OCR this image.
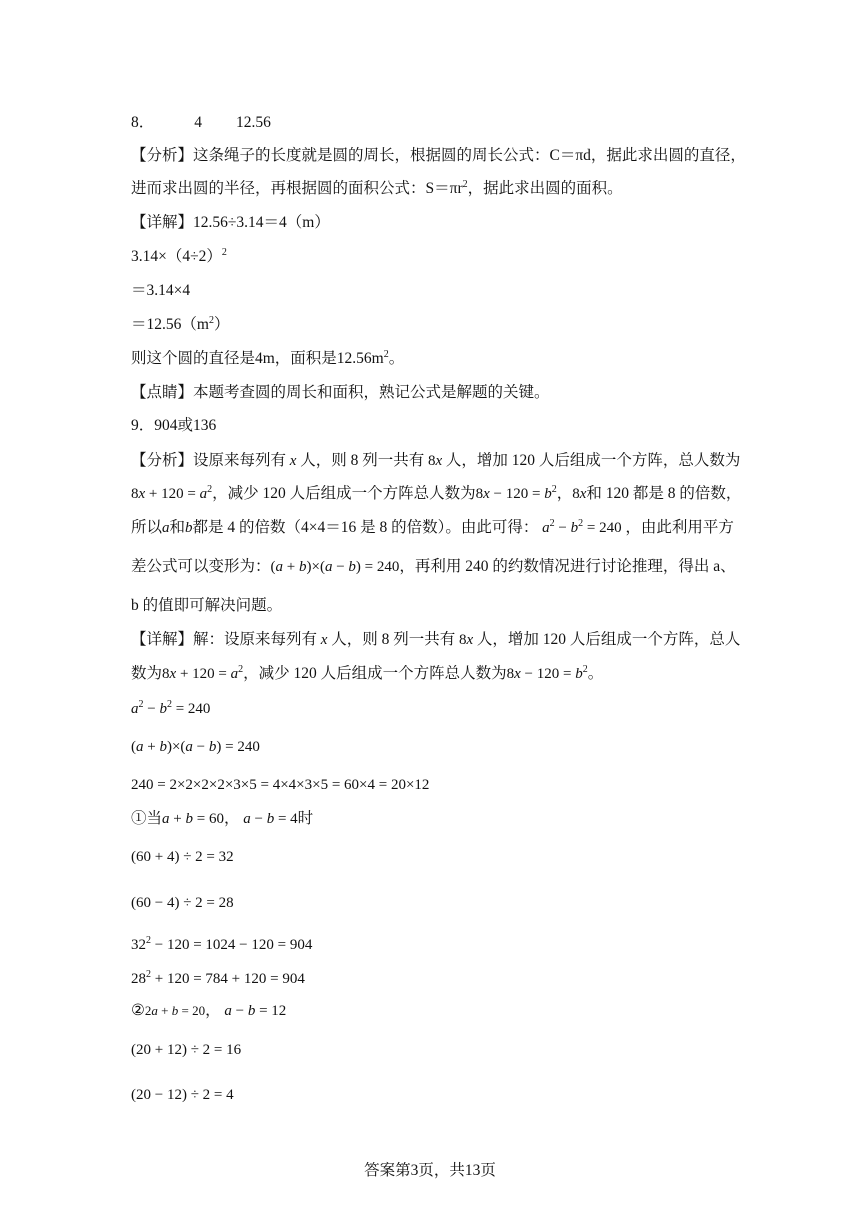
8．	4 12.56
【分析】这条绳子的长度就是圆的周长，根据圆的周长公式：C＝πd，据此求出圆的直径，
进而求出圆的半径，再根据圆的面积公式：$S=\pi r^2$，据此求出圆的面积。
【详解】12.56÷3.14＝4（m）
$3.14\times(4\div 2)^2$
＝3.14×4
$=12.56(m^2)$
则这个圆的直径是4m，面积是$12.56m^2$。
【点睛】本题考查圆的周长和面积，熟记公式是解题的关键。
9．904或136
【分析】设原来每列有 x 人，则 8 列一共有 8x 人，增加 120 人后组成一个方阵，总人数为
$8x + 120 = a^2$，减少 120 人后组成一个方阵总人数为$8x - 120 = b^2$，8x和 120 都是 8 的倍数，
所以a和b都是 4 的倍数（4×4＝16 是 8 的倍数）。由此可得： $a^2 - b^2 = 240$ ，由此利用平方
差公式可以变形为：(a + b)×(a − b) = 240，再利用 240 的约数情况进行讨论推理，得出 a、
b 的值即可解决问题。
【详解】解：设原来每列有 x 人，则 8 列一共有 8x 人，增加 120 人后组成一个方阵，总人
数为$8x + 120 = a^2$，减少 120 人后组成一个方阵总人数为$8x - 120 = b^2$。
$a^2 - b^2 = 240$
(a + b)×(a − b) = 240
240 = 2×2×2×2×3×5 = 4×4×3×5 = 60×4 = 20×12
①当a + b = 60， a − b = 4时
(60 + 4) ÷ 2 = 32
(60 − 4) ÷ 2 = 28
$32^2 - 120 = 1024 - 120 = 904$
$28^2 + 120 = 784 + 120 = 904$
②2a + b = 20， a − b = 12
(20 + 12) ÷ 2 = 16
(20 − 12) ÷ 2 = 4
答案第3页，共13页
